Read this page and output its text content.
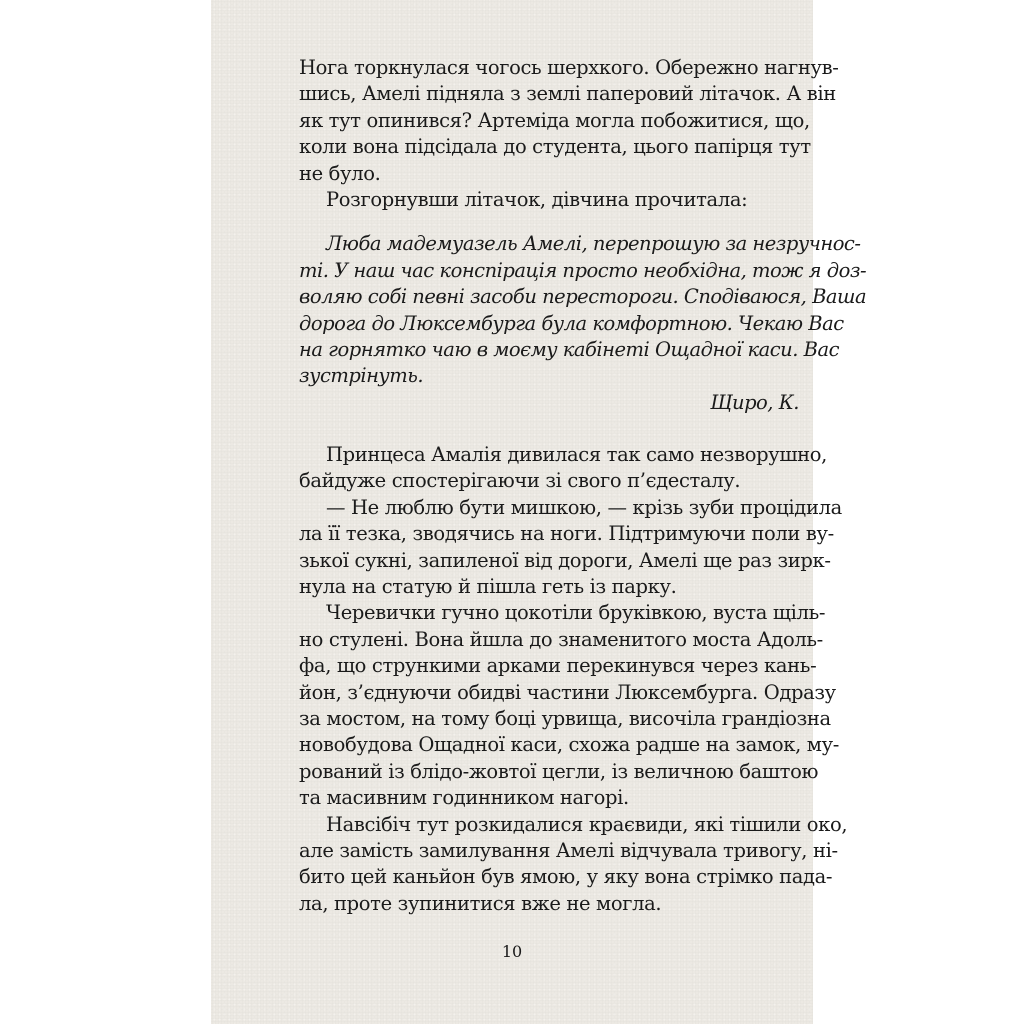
Нога торкнулася чогось шерхкого. Обережно нагнув-
шись, Амелі підняла з землі паперовий літачок. А він
як тут опинився? Артеміда могла побожитися, що,
коли вона підсідала до студента, цього папірця тут
не було.
Розгорнувши літачок, дівчина прочитала:
Люба мадемуазель Амелі, перепрошую за незручнос-
ті. У наш час конспірація просто необхідна, тож я доз-
воляю собі певні засоби перестороги. Сподіваюся, Ваша
дорога до Люксембурга була комфортною. Чекаю Вас
на горнятко чаю в моєму кабінеті Ощадної каси. Вас
зустрінуть.
Щиро, К.
Принцеса Амалія дивилася так само незворушно,
байдуже спостерігаючи зі свого п’єдесталу.
— Не люблю бути мишкою, — крізь зуби процідила
ла її тезка, зводячись на ноги. Підтримуючи поли ву-
зької сукні, запиленої від дороги, Амелі ще раз зирк-
нула на статую й пішла геть із парку.
Черевички гучно цокотіли бруківкою, вуста щіль-
но стулені. Вона йшла до знаменитого моста Адоль-
фа, що стрункими арками перекинувся через кань-
йон, з’єднуючи обидві частини Люксембурга. Одразу
за мостом, на тому боці урвища, височіла грандіозна
новобудова Ощадної каси, схожа радше на замок, му-
рований із блідо-жовтої цегли, із величною баштою
та масивним годинником нагорі.
Навсібіч тут розкидалися краєвиди, які тішили око,
але замість замилування Амелі відчувала тривогу, ні-
бито цей каньйон був ямою, у яку вона стрімко пада-
ла, проте зупинитися вже не могла.
10
